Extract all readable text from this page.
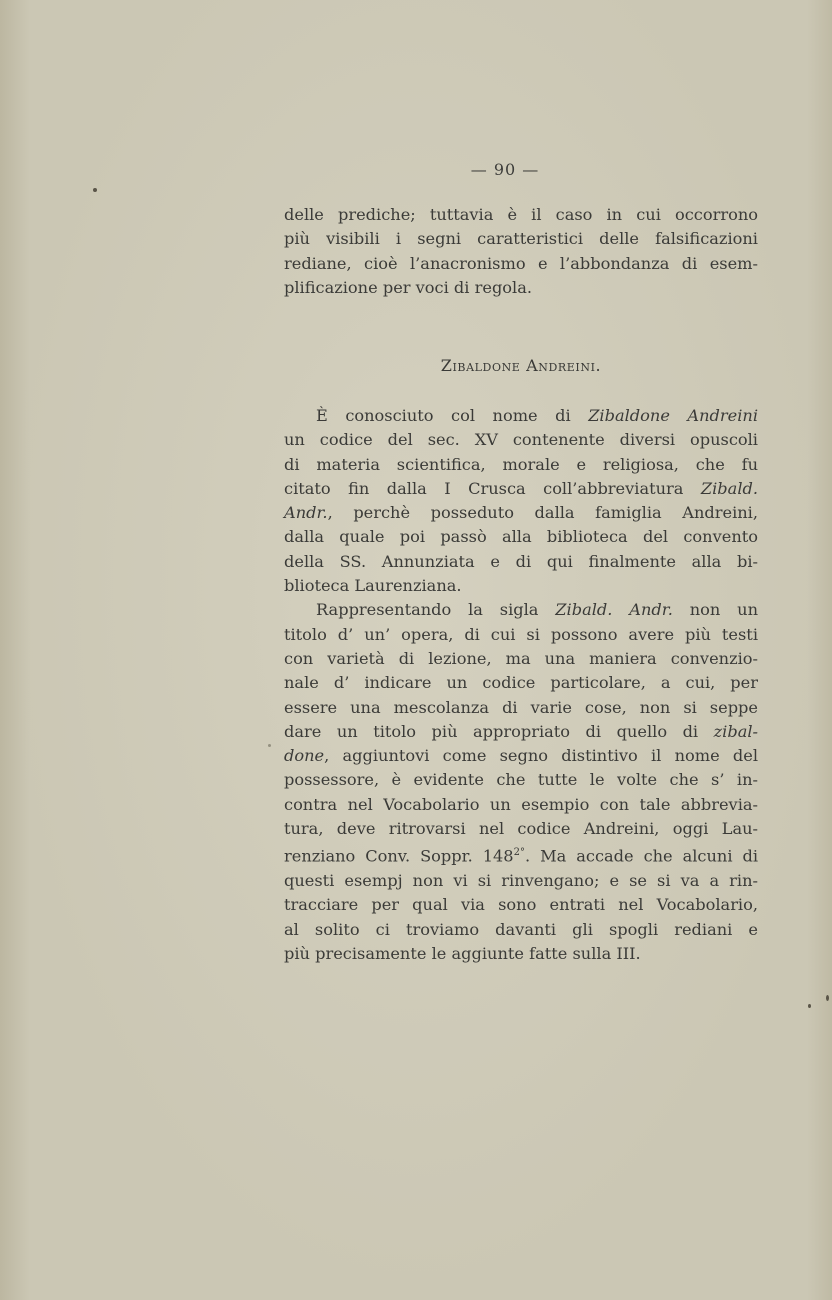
— 90 —
delle prediche; tuttavia è il caso in cui occorrono
più visibili i segni caratteristici delle falsificazioni
rediane, cioè l’anacronismo e l’abbondanza di esem-
plificazione per voci di regola.
Zibaldone Andreini.
È conosciuto col nome di Zibaldone Andreini
un codice del sec. XV contenente diversi opuscoli
di materia scientifica, morale e religiosa, che fu
citato fin dalla I Crusca coll’abbreviatura Zibald.
Andr., perchè posseduto dalla famiglia Andreini,
dalla quale poi passò alla biblioteca del convento
della SS. Annunziata e di qui finalmente alla bi-
blioteca Laurenziana.
Rappresentando la sigla Zibald. Andr. non un
titolo d’ un’ opera, di cui si possono avere più testi
con varietà di lezione, ma una maniera convenzio-
nale d’ indicare un codice particolare, a cui, per
essere una mescolanza di varie cose, non si seppe
dare un titolo più appropriato di quello di zibal-
done, aggiuntovi come segno distintivo il nome del
possessore, è evidente che tutte le volte che s’ in-
contra nel Vocabolario un esempio con tale abbrevia-
tura, deve ritrovarsi nel codice Andreini, oggi Lau-
renziano Conv. Soppr. $148^{2^\circ}$. Ma accade che alcuni di
questi esempj non vi si rinvengano; e se si va a rin-
tracciare per qual via sono entrati nel Vocabolario,
al solito ci troviamo davanti gli spogli rediani e
più precisamente le aggiunte fatte sulla III.
